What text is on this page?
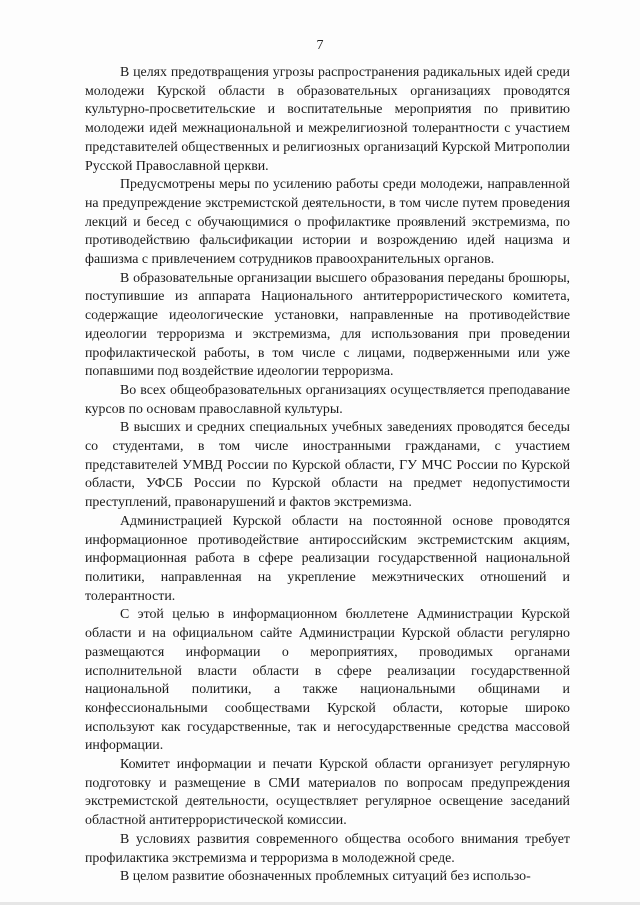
7

В целях предотвращения угрозы распространения радикальных идей среди молодежи Курской области в образовательных организациях проводятся культурно-просветительские и воспитательные мероприятия по привитию молодежи идей межнациональной и межрелигиозной толерантности с участием представителей общественных и религиозных организаций Курской Митрополии Русской Православной церкви.

Предусмотрены меры по усилению работы среди молодежи, направленной на предупреждение экстремистской деятельности, в том числе путем проведения лекций и бесед с обучающимися о профилактике проявлений экстремизма, по противодействию фальсификации истории и возрождению идей нацизма и фашизма с привлечением сотрудников правоохранительных органов.

В образовательные организации высшего образования переданы брошюры, поступившие из аппарата Национального антитеррористического комитета, содержащие идеологические установки, направленные на противодействие идеологии терроризма и экстремизма, для использования при проведении профилактической работы, в том числе с лицами, подверженными или уже попавшими под воздействие идеологии терроризма.

Во всех общеобразовательных организациях осуществляется преподавание курсов по основам православной культуры.

В высших и средних специальных учебных заведениях проводятся беседы со студентами, в том числе иностранными гражданами, с участием представителей УМВД России по Курской области, ГУ МЧС России по Курской области, УФСБ России по Курской области на предмет недопустимости преступлений, правонарушений и фактов экстремизма.

Администрацией Курской области на постоянной основе проводятся информационное противодействие антироссийским экстремистским акциям, информационная работа в сфере реализации государственной национальной политики, направленная на укрепление межэтнических отношений и толерантности.

С этой целью в информационном бюллетене Администрации Курской области и на официальном сайте Администрации Курской области регулярно размещаются информации о мероприятиях, проводимых органами исполнительной власти области в сфере реализации государственной национальной политики, а также национальными общинами и конфессиональными сообществами Курской области, которые широко используют как государственные, так и негосударственные средства массовой информации.

Комитет информации и печати Курской области организует регулярную подготовку и размещение в СМИ материалов по вопросам предупреждения экстремистской деятельности, осуществляет регулярное освещение заседаний областной антитеррористической комиссии.

В условиях развития современного общества особого внимания требует профилактика экстремизма и терроризма в молодежной среде.

В целом развитие обозначенных проблемных ситуаций без использо-
